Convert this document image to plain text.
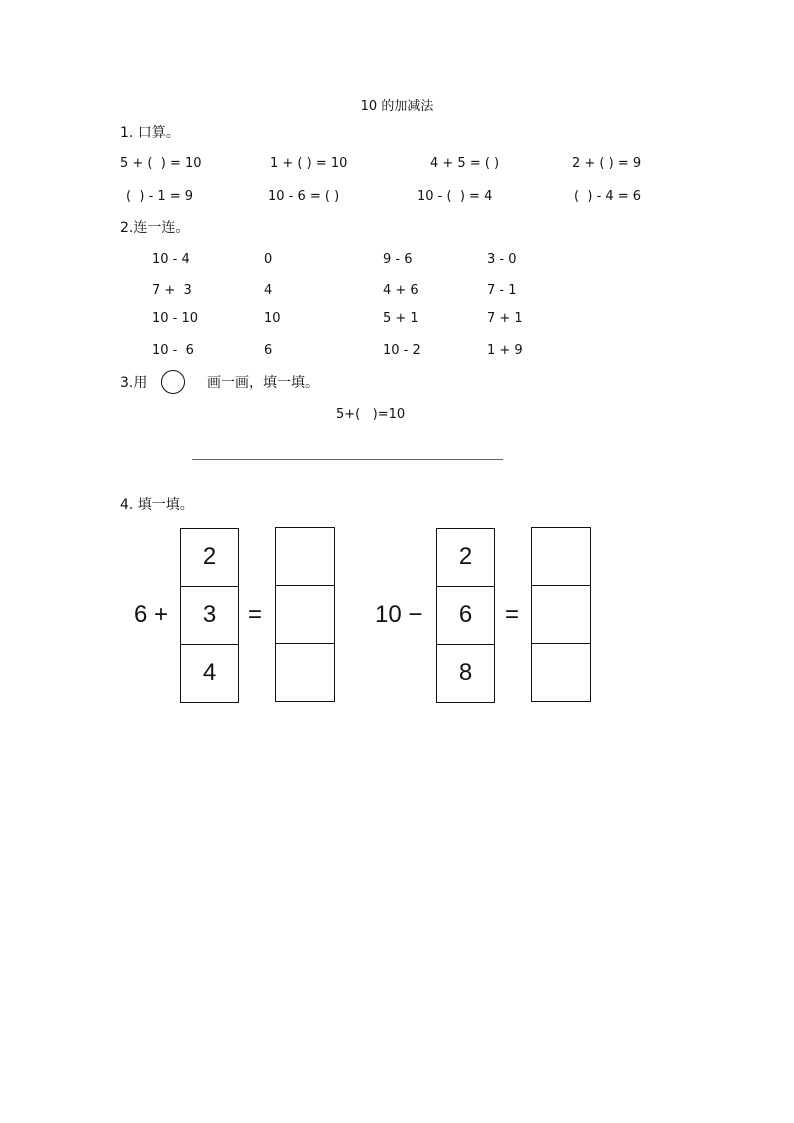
10 的加减法
1. 口算。
5 + (  ) = 10	1 + ( ) = 10	4 + 5 = ( )	2 + ( ) = 9
(  ) - 1 = 9	10 - 6 = ( )	10 - (  ) = 4	(  ) - 4 = 6
2.连一连。
10 - 4	0	9 - 6	3 - 0
7 +  3	4	4 + 6	7 - 1
10 - 10	10	5 + 1	7 + 1
10 -  6	6	10 - 2	1 + 9
3.用	画一画，填一填。
5+(   )=10
4. 填一填。
6 +
2
3
4
=	10 −
2
6
8
=
